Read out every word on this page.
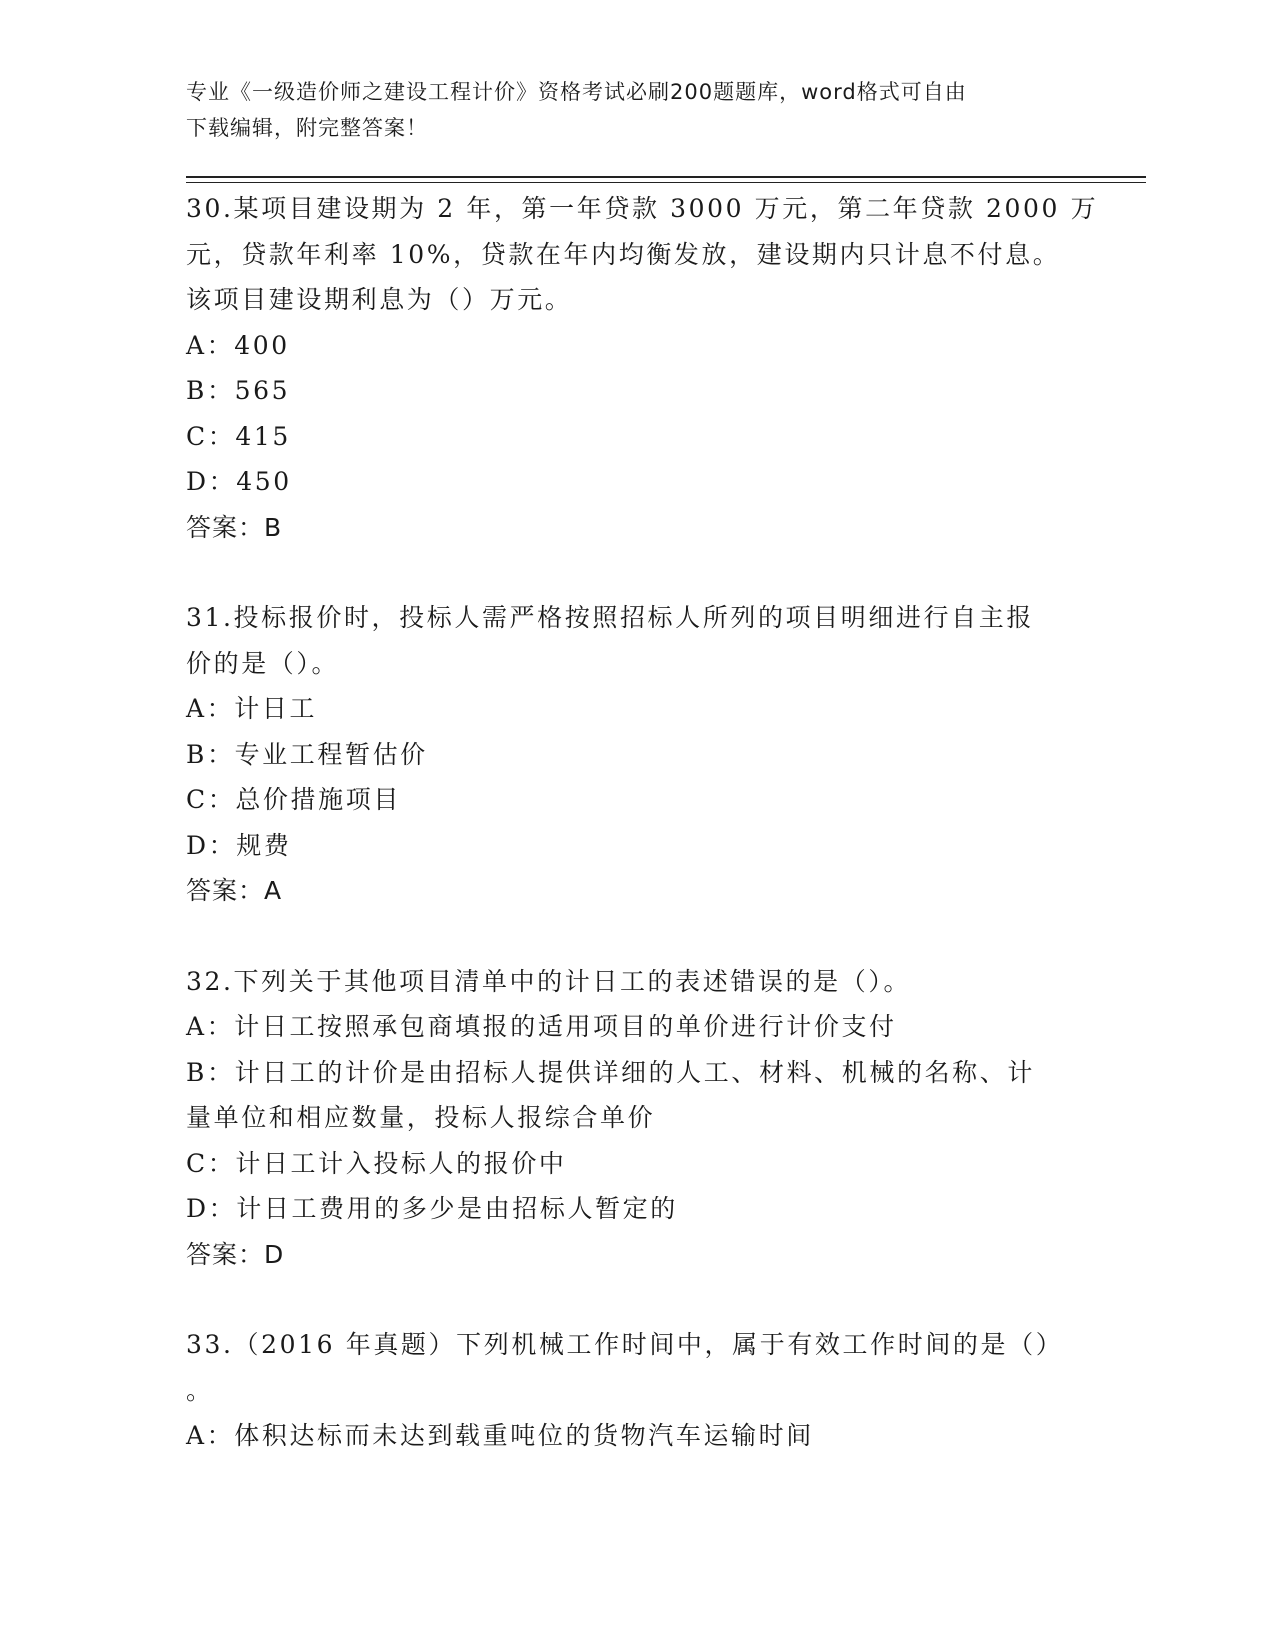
专业《一级造价师之建设工程计价》资格考试必刷200题题库，word格式可自由
下载编辑，附完整答案！
30.某项目建设期为 2 年，第一年贷款 3000 万元，第二年贷款 2000 万
元，贷款年利率 10%，贷款在年内均衡发放，建设期内只计息不付息。
该项目建设期利息为（）万元。
A：400
B：565
C：415
D：450
答案：B
31.投标报价时，投标人需严格按照招标人所列的项目明细进行自主报
价的是（）。
A：计日工
B：专业工程暂估价
C：总价措施项目
D：规费
答案：A
32.下列关于其他项目清单中的计日工的表述错误的是（）。
A：计日工按照承包商填报的适用项目的单价进行计价支付
B：计日工的计价是由招标人提供详细的人工、材料、机械的名称、计
量单位和相应数量，投标人报综合单价
C：计日工计入投标人的报价中
D：计日工费用的多少是由招标人暂定的
答案：D
33.（2016 年真题）下列机械工作时间中，属于有效工作时间的是（）
。
A：体积达标而未达到载重吨位的货物汽车运输时间
